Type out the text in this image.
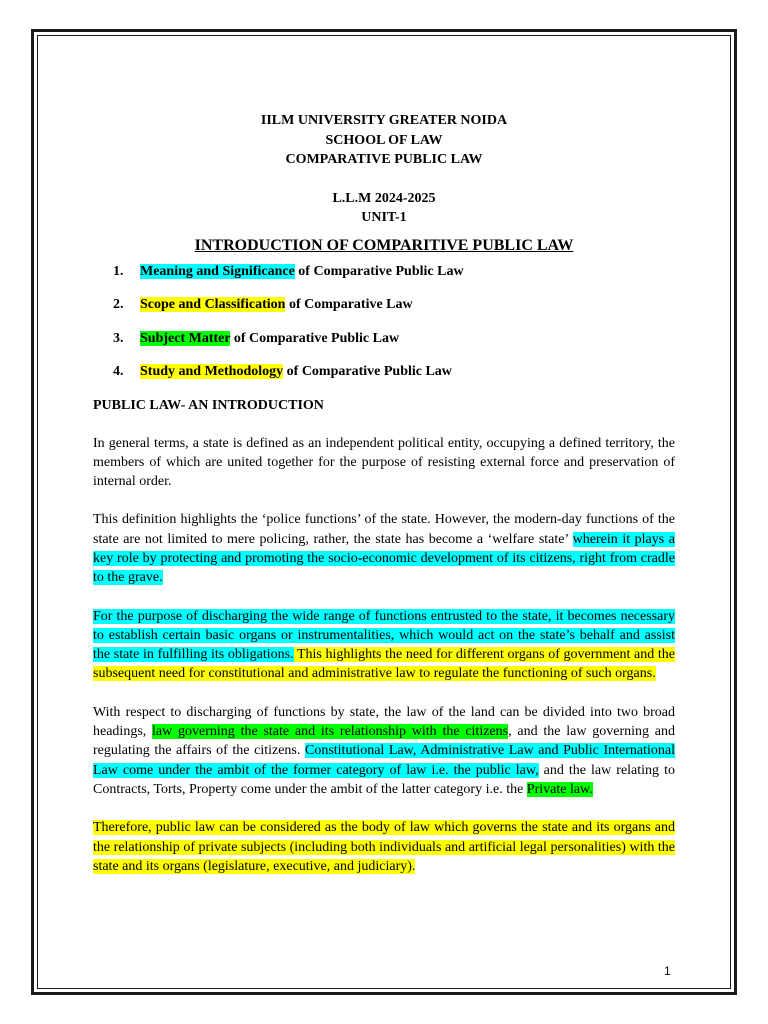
IILM UNIVERSITY GREATER NOIDA
SCHOOL OF LAW
COMPARATIVE PUBLIC LAW
L.L.M 2024-2025
UNIT-1
INTRODUCTION OF COMPARITIVE PUBLIC LAW
1. Meaning and Significance of Comparative Public Law
2. Scope and Classification of Comparative Law
3. Subject Matter of Comparative Public Law
4. Study and Methodology of Comparative Public Law
PUBLIC LAW- AN INTRODUCTION

In general terms, a state is defined as an independent political entity, occupying a defined territory, the members of which are united together for the purpose of resisting external force and preservation of internal order.

This definition highlights the ‘police functions’ of the state. However, the modern-day functions of the state are not limited to mere policing, rather, the state has become a ‘welfare state’ wherein it plays a key role by protecting and promoting the socio-economic development of its citizens, right from cradle to the grave.

For the purpose of discharging the wide range of functions entrusted to the state, it becomes necessary to establish certain basic organs or instrumentalities, which would act on the state’s behalf and assist the state in fulfilling its obligations. This highlights the need for different organs of government and the subsequent need for constitutional and administrative law to regulate the functioning of such organs.

With respect to discharging of functions by state, the law of the land can be divided into two broad headings, law governing the state and its relationship with the citizens, and the law governing and regulating the affairs of the citizens. Constitutional Law, Administrative Law and Public International Law come under the ambit of the former category of law i.e. the public law, and the law relating to Contracts, Torts, Property come under the ambit of the latter category i.e. the Private law.

Therefore, public law can be considered as the body of law which governs the state and its organs and the relationship of private subjects (including both individuals and artificial legal personalities) with the state and its organs (legislature, executive, and judiciary).

1
